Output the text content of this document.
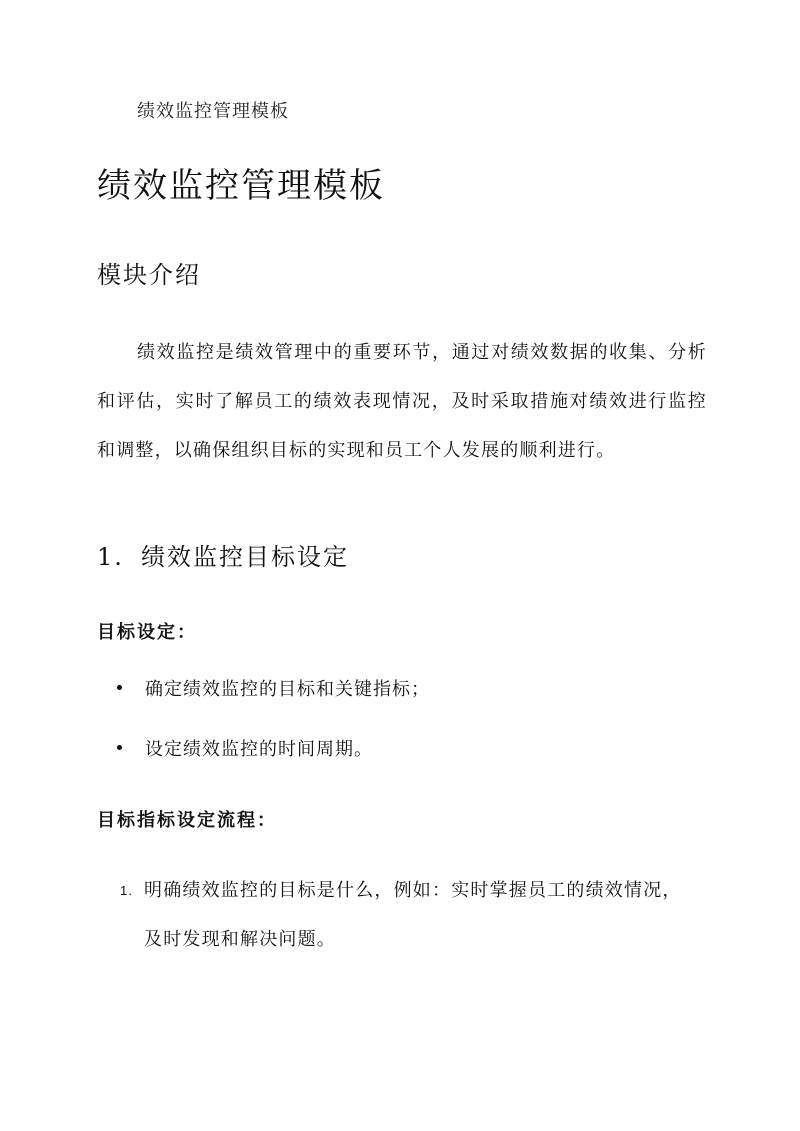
绩效监控管理模板
绩效监控管理模板
模块介绍

绩效监控是绩效管理中的重要环节，通过对绩效数据的收集、分析和评估，实时了解员工的绩效表现情况，及时采取措施对绩效进行监控和调整，以确保组织目标的实现和员工个人发展的顺利进行。

1. 绩效监控目标设定
目标设定：
确定绩效监控的目标和关键指标；
设定绩效监控的时间周期。
目标指标设定流程：
1. 明确绩效监控的目标是什么，例如：实时掌握员工的绩效情况，及时发现和解决问题。
